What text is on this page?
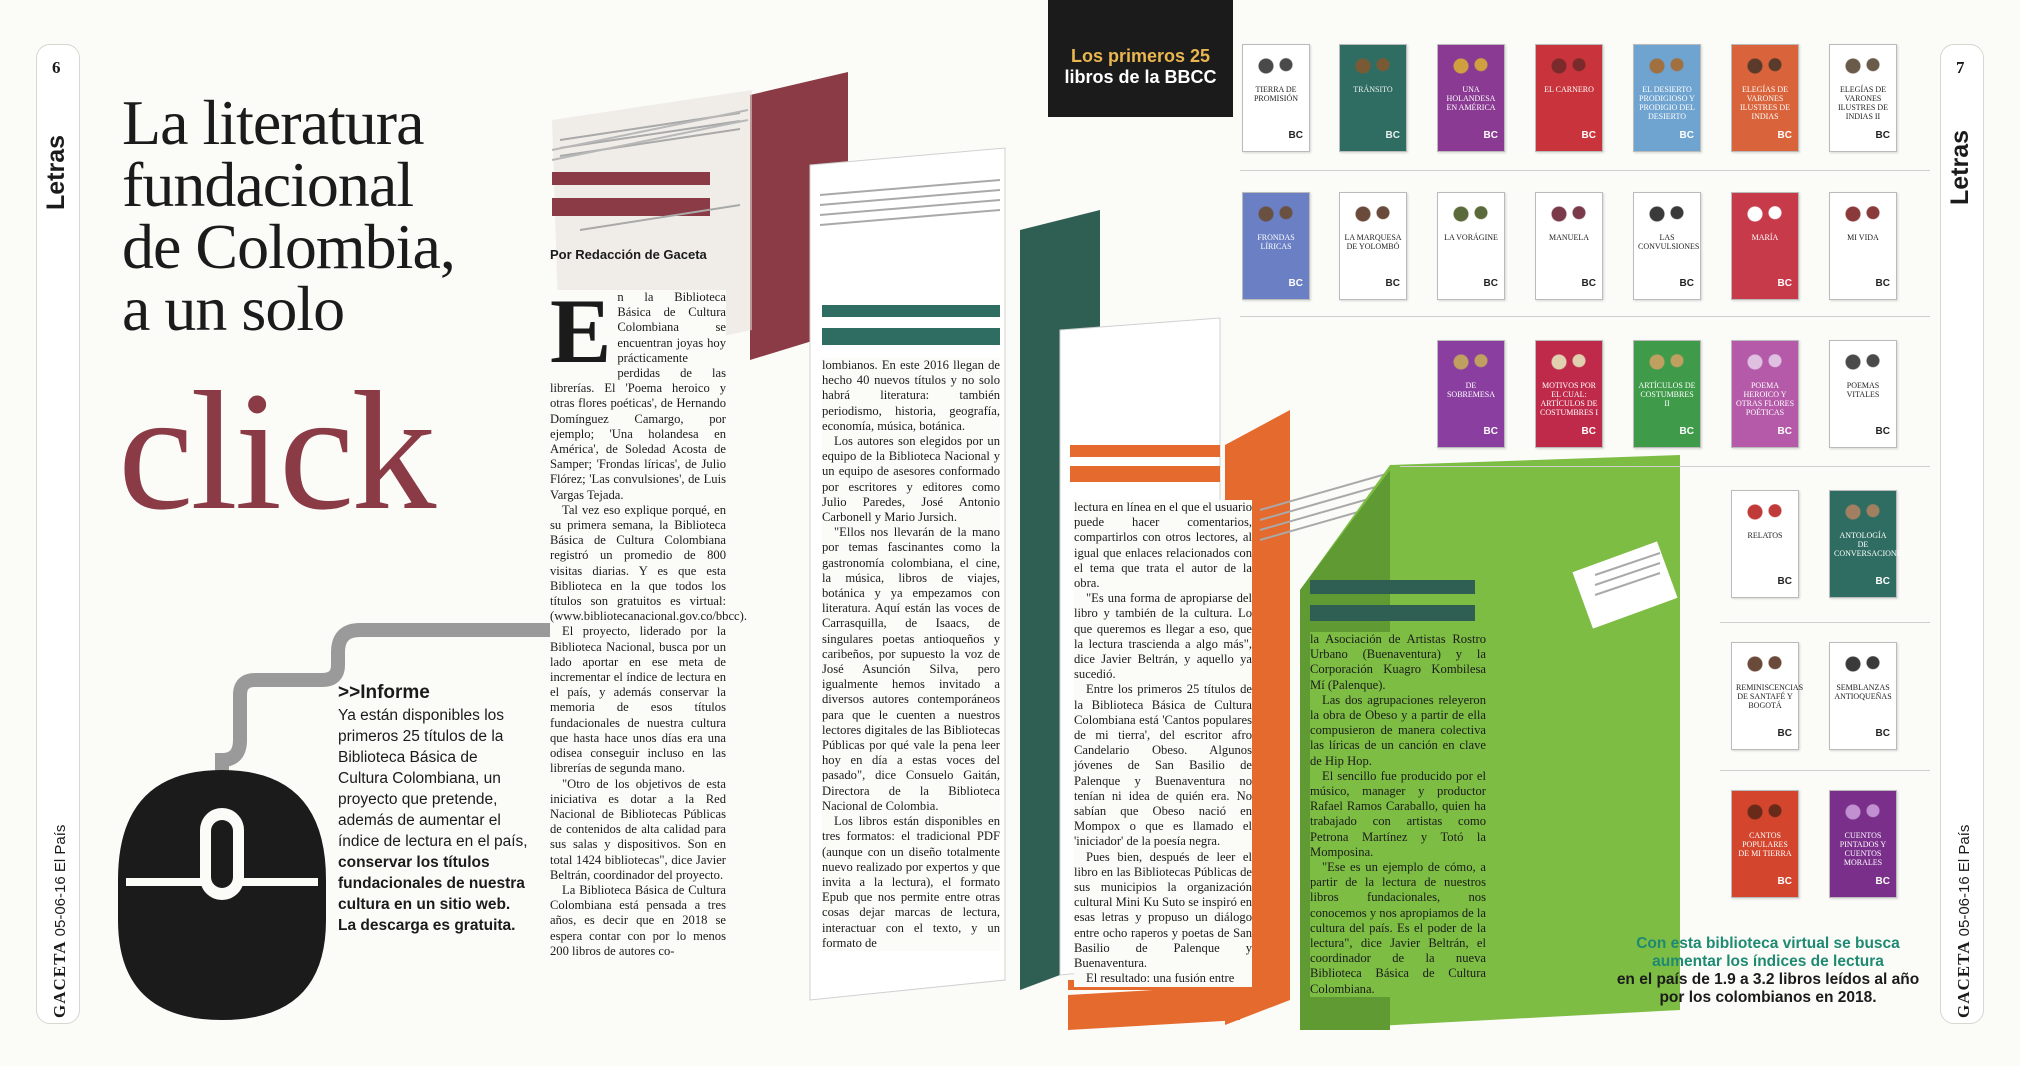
6
Letras
GACETA 05-06-16 El País
7
Letras
GACETA 05-06-16 El País
La literatura
fundacional
de Colombia,
a un solo
click
>>Informe
Ya están disponibles los primeros 25 títulos de la Biblioteca Básica de Cultura Colombiana, un proyecto que pretende, además de aumentar el índice de lectura en el país, conservar los títulos fundacionales de nuestra cultura en un sitio web. La descarga es gratuita.
Por Redacción de Gaceta
E n la Biblioteca Básica de Cultura Colombiana se encuentran joyas hoy prácticamente perdidas de las librerías. El 'Poema heroico y otras flores poéticas', de Hernando Domínguez Camargo, por ejemplo; 'Una holandesa en América', de Soledad Acosta de Samper; 'Frondas líricas', de Julio Flórez; 'Las convulsiones', de Luis Vargas Tejada.

Tal vez eso explique porqué, en su primera semana, la Biblioteca Básica de Cultura Colombiana registró un promedio de 800 visitas diarias. Y es que esta Biblioteca en la que todos los títulos son gratuitos es virtual: (www.bibliotecanacional.gov.co/bbcc).

El proyecto, liderado por la Biblioteca Nacional, busca por un lado aportar en ese meta de incrementar el índice de lectura en el país, y además conservar la memoria de esos títulos fundacionales de nuestra cultura que hasta hace unos días era una odisea conseguir incluso en las librerías de segunda mano.

"Otro de los objetivos de esta iniciativa es dotar a la Red Nacional de Bibliotecas Públicas de contenidos de alta calidad para sus salas y dispositivos. Son en total 1424 bibliotecas", dice Javier Beltrán, coordinador del proyecto.

La Biblioteca Básica de Cultura Colombiana está pensada a tres años, es decir que en 2018 se espera contar con por lo menos 200 libros de autores co-

lombianos. En este 2016 llegan de hecho 40 nuevos títulos y no solo habrá literatura: también periodismo, historia, geografía, economía, música, botánica.

Los autores son elegidos por un equipo de la Biblioteca Nacional y un equipo de asesores conformado por escritores y editores como Julio Paredes, José Antonio Carbonell y Mario Jursich.

"Ellos nos llevarán de la mano por temas fascinantes como la gastronomía colombiana, el cine, la música, libros de viajes, botánica y ya empezamos con literatura. Aquí están las voces de Carrasquilla, de Isaacs, de singulares poetas antioqueños y caribeños, por supuesto la voz de José Asunción Silva, pero igualmente hemos invitado a diversos autores contemporáneos para que le cuenten a nuestros lectores digitales de las Bibliotecas Públicas por qué vale la pena leer hoy en día a estas voces del pasado", dice Consuelo Gaitán, Directora de la Biblioteca Nacional de Colombia.

Los libros están disponibles en tres formatos: el tradicional PDF (aunque con un diseño totalmente nuevo realizado por expertos y que invita a la lectura), el formato Epub que nos permite entre otras cosas dejar marcas de lectura, interactuar con el texto, y un formato de

lectura en línea en el que el usuario puede hacer comentarios, compartirlos con otros lectores, al igual que enlaces relacionados con el tema que trata el autor de la obra.

"Es una forma de apropiarse del libro y también de la cultura. Lo que queremos es llegar a eso, que la lectura trascienda a algo más", dice Javier Beltrán, y aquello ya sucedió.

Entre los primeros 25 títulos de la Biblioteca Básica de Cultura Colombiana está 'Cantos populares de mi tierra', del escritor afro Candelario Obeso. Algunos jóvenes de San Basilio de Palenque y Buenaventura no tenían ni idea de quién era. No sabían que Obeso nació en Mompox o que es llamado el 'iniciador' de la poesía negra.

Pues bien, después de leer el libro en las Bibliotecas Públicas de sus municipios la organización cultural Mini Ku Suto se inspiró en esas letras y propuso un diálogo entre ocho raperos y poetas de San Basilio de Palenque y Buenaventura.

El resultado: una fusión entre

la Asociación de Artistas Rostro Urbano (Buenaventura) y la Corporación Kuagro Kombilesa Mí (Palenque).

Las dos agrupaciones releyeron la obra de Obeso y a partir de ella compusieron de manera colectiva las líricas de un canción en clave de Hip Hop.

El sencillo fue producido por el músico, manager y productor Rafael Ramos Caraballo, quien ha trabajado con artistas como Petrona Martínez y Totó la Momposina.

"Ese es un ejemplo de cómo, a partir de la lectura de nuestros libros fundacionales, nos conocemos y nos apropiamos de la cultura del país. Es el poder de la lectura", dice Javier Beltrán, el coordinador de la nueva Biblioteca Básica de Cultura Colombiana.

Los primeros 25
libros de la BBCC
TIERRA DE PROMISIÓN
BC
TRÁNSITO
BC
UNA HOLANDESA EN AMÉRICA
BC
EL CARNERO
BC
EL DESIERTO PRODIGIOSO Y PRODIGIO DEL DESIERTO
BC
ELEGÍAS DE VARONES ILUSTRES DE INDIAS
BC
ELEGÍAS DE VARONES ILUSTRES DE INDIAS II
BC
FRONDAS LÍRICAS
BC
LA MARQUESA DE YOLOMBÓ
BC
LA VORÁGINE
BC
MANUELA
BC
LAS CONVULSIONES
BC
MARÍA
BC
MI VIDA
BC
DE SOBREMESA
BC
MOTIVOS POR EL CUAL: ARTÍCULOS DE COSTUMBRES I
BC
ARTÍCULOS DE COSTUMBRES II
BC
POEMA HEROICO Y OTRAS FLORES POÉTICAS
BC
POEMAS VITALES
BC
RELATOS
BC
ANTOLOGÍA DE CONVERSACIONES
BC
REMINISCENCIAS DE SANTAFÉ Y BOGOTÁ
BC
SEMBLANZAS ANTIOQUEÑAS
BC
CANTOS POPULARES DE MI TIERRA
BC
CUENTOS PINTADOS Y CUENTOS MORALES
BC
Con esta biblioteca virtual se busca aumentar los índices de lectura
en el país de 1.9 a 3.2 libros leídos al año por los colombianos en 2018.
